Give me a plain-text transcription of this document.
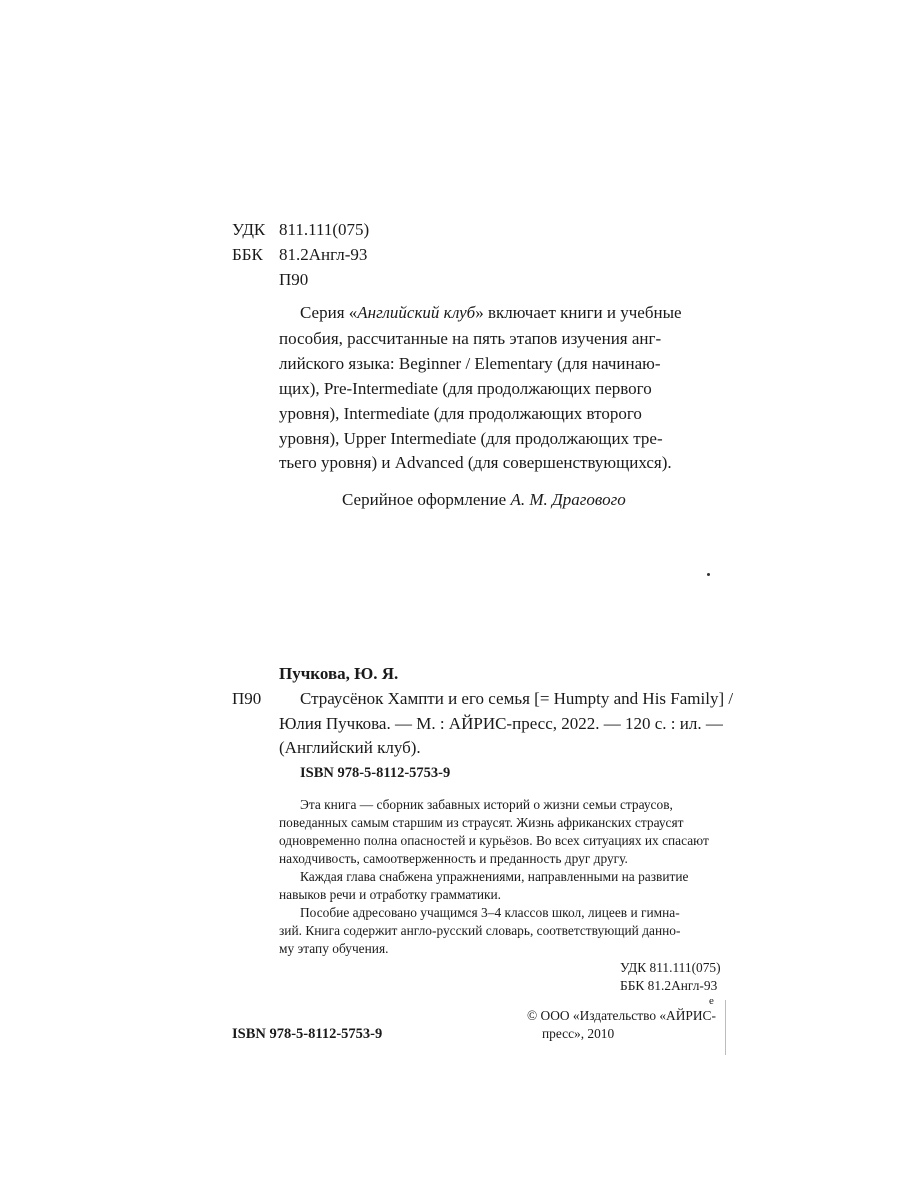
УДК 811.111(075)
ББК 81.2Англ-93
П90
Серия «Английский клуб» включает книги и учебные
пособия, рассчитанные на пять этапов изучения анг-
лийского языка: Beginner / Elementary (для начинаю-
щих), Pre-Intermediate (для продолжающих первого
уровня), Intermediate (для продолжающих второго
уровня), Upper Intermediate (для продолжающих тре-
тьего уровня) и Advanced (для совершенствующихся).
Серийное оформление А. М. Драгового
Пучкова, Ю. Я.
П90 Страусёнок Хампти и его семья [= Humpty and His Family] /
Юлия Пучкова. — М. : АЙРИС-пресс, 2022. — 120 с. : ил. —
(Английский клуб).
ISBN 978-5-8112-5753-9
Эта книга — сборник забавных историй о жизни семьи страусов,
поведанных самым старшим из страусят. Жизнь африканских страусят
одновременно полна опасностей и курьёзов. Во всех ситуациях их спасают
находчивость, самоотверженность и преданность друг другу.
Каждая глава снабжена упражнениями, направленными на развитие
навыков речи и отработку грамматики.
Пособие адресовано учащимся 3–4 классов школ, лицеев и гимна-
зий. Книга содержит англо-русский словарь, соответствующий данно-
му этапу обучения.
УДК 811.111(075)
ББК 81.2Англ-93
ISBN 978-5-8112-5753-9
© ООО «Издательство «АЙРИС-
е
пресс», 2010
